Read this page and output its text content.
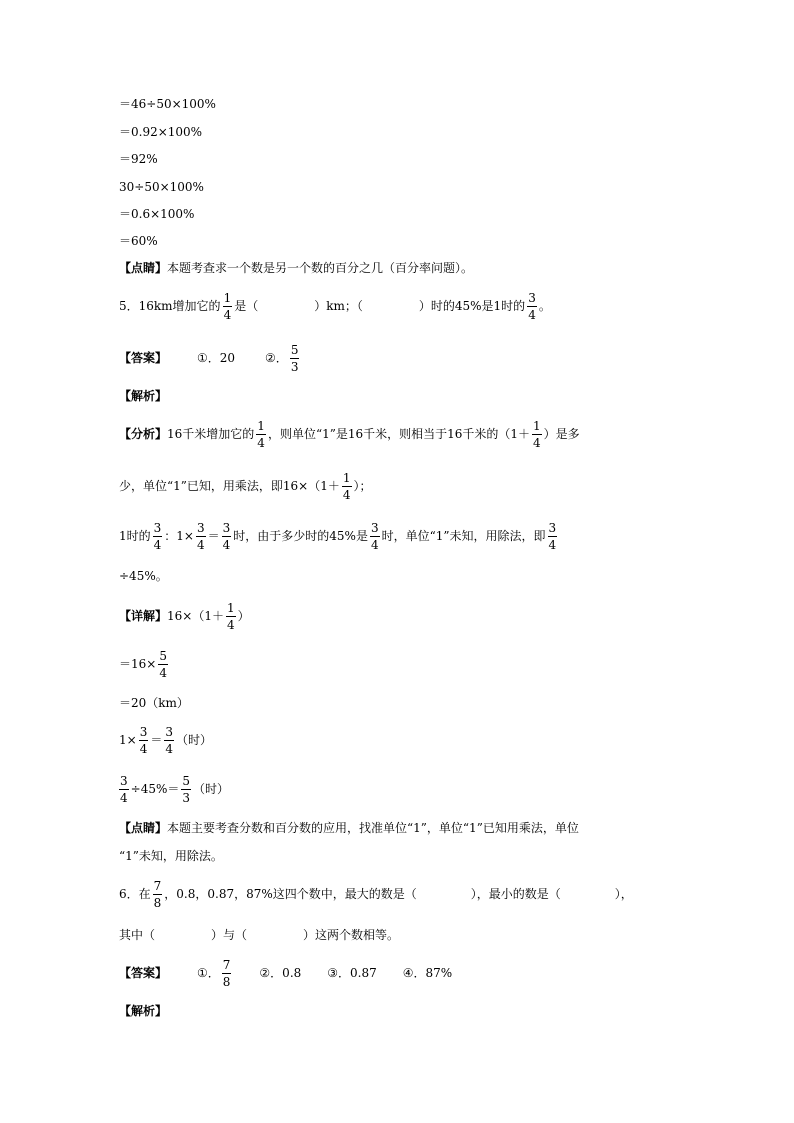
＝46÷50×100%
＝0.92×100%
＝92%
30÷50×100%
＝0.6×100%
＝60%
【点睛】 本题考查求一个数是另一个数的百分之几（百分率问题）。
5．16km增加它的 $\frac{1}{4}$ 是（	）km；（	）时的45%是1时的 $\frac{3}{4}$ 。
【答案】	①．20	②． $\frac{5}{3}$
【解析】
【分析】 16千米增加它的 $\frac{1}{4}$ ，则单位“1”是16千米，则相当于16千米的（$1+ \frac{1}{4}$ ）是多
少，单位“1”已知，用乘法，即$16\times(1+ \frac{1}{4}$ ）；
1时的 $\frac{3}{4}$ ：$1\times \frac{3}{4} = \frac{3}{4}$ 时，由于多少时的45%是 $\frac{3}{4}$ 时，单位“1”未知，用除法，即 $\frac{3}{4}$
÷45%。
【详解】 $16\times(1+ \frac{1}{4}$ ）
$=16\times \frac{5}{4}$
＝20（km）
$1\times \frac{3}{4} = \frac{3}{4}$ （时）
$\frac{3}{4} \div 45\%= \frac{5}{3}$ （时）
【点睛】 本题主要考查分数和百分数的应用，找准单位“1”，单位“1”已知用乘法，单位
“1”未知，用除法。
6．在 $\frac{7}{8}$ ，0.8，0.87，87%这四个数中，最大的数是（	），最小的数是（	），
其中（	）与（	）这两个数相等。
【答案】	①． $\frac{7}{8}$ ②．0.8 ③．0.87 ④．87%
【解析】
